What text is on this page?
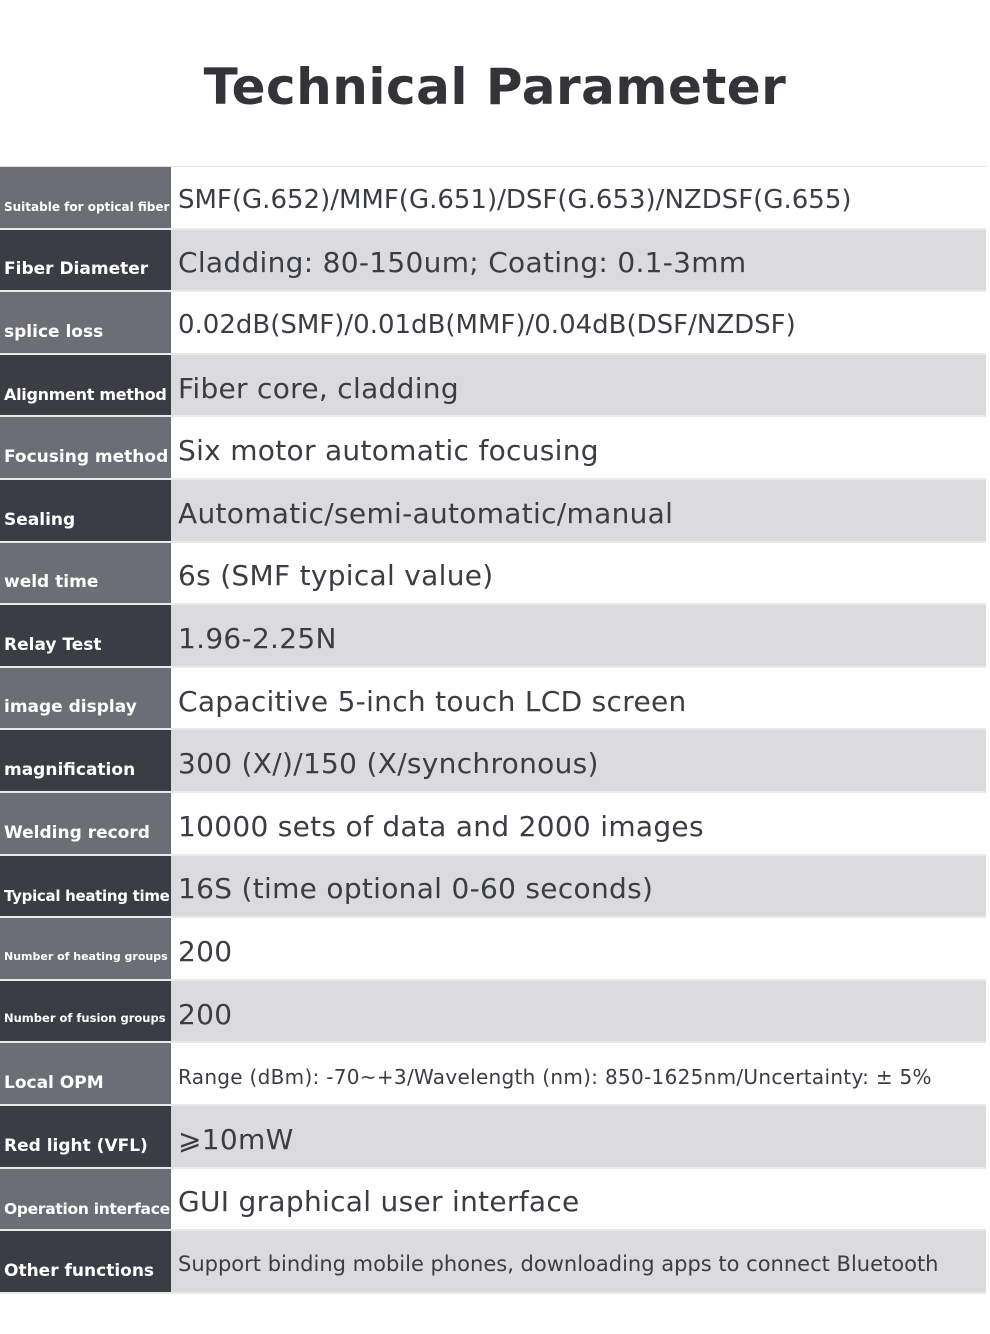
Technical Parameter
Suitable for optical fiber SMF(G.652)/MMF(G.651)/DSF(G.653)/NZDSF(G.655)
Fiber Diameter	Cladding: 80-150um; Coating: 0.1-3mm
splice loss	0.02dB(SMF)/0.01dB(MMF)/0.04dB(DSF/NZDSF)
Alignment method Fiber core, cladding
Focusing method Six motor automatic focusing
Sealing	Automatic/semi-automatic/manual
weld time	6s (SMF typical value)
Relay Test	1.96-2.25N
image display	Capacitive 5-inch touch LCD screen
magnification	300 (X/)/150 (X/synchronous)
Welding record	10000 sets of data and 2000 images
Typical heating time 16S (time optional 0-60 seconds)
Number of heating groups 200
Number of fusion groups 200
Local OPM	Range (dBm): -70~+3/Wavelength (nm): 850-1625nm/Uncertainty: ± 5%
Red light (VFL)	⩾10mW
Operation interface GUI graphical user interface
Other functions	Support binding mobile phones, downloading apps to connect Bluetooth
